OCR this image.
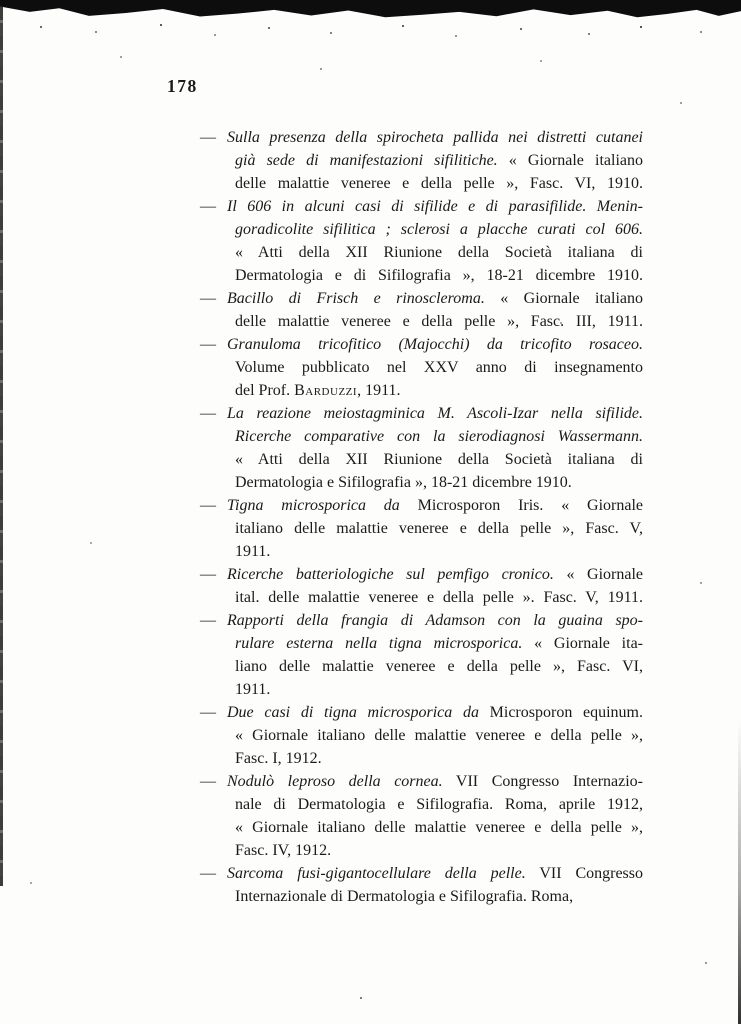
178
— Sulla presenza della spirocheta pallida nei distretti cutanei
già sede di manifestazioni sifilitiche. « Giornale italiano
delle malattie veneree e della pelle », Fasc. VI, 1910.
— Il 606 in alcuni casi di sifilide e di parasifilide. Menin-
goradicolite sifilitica ; sclerosi a placche curati col 606.
« Atti della XII Riunione della Società italiana di
Dermatologia e di Sifilografia », 18-21 dicembre 1910.
— Bacillo di Frisch e rinoscleroma. « Giornale italiano
delle malattie veneree e della pelle », Fasc. III, 1911.
— Granuloma tricofitico (Majocchi) da tricofito rosaceo.
Volume pubblicato nel XXV anno di insegnamento
del Prof. Barduzzi, 1911.
— La reazione meiostagminica M. Ascoli-Izar nella sifilide.
Ricerche comparative con la sierodiagnosi Wassermann.
« Atti della XII Riunione della Società italiana di
Dermatologia e Sifilografia », 18-21 dicembre 1910.
— Tigna microsporica da Microsporon Iris. « Giornale
italiano delle malattie veneree e della pelle », Fasc. V,
1911.
— Ricerche batteriologiche sul pemfigo cronico. « Giornale
ital. delle malattie veneree e della pelle ». Fasc. V, 1911.
— Rapporti della frangia di Adamson con la guaina spo-
rulare esterna nella tigna microsporica. « Giornale ita-
liano delle malattie veneree e della pelle », Fasc. VI,
1911.
— Due casi di tigna microsporica da Microsporon equinum.
« Giornale italiano delle malattie veneree e della pelle »,
Fasc. I, 1912.
— Nodulò leproso della cornea. VII Congresso Internazio-
nale di Dermatologia e Sifilografia. Roma, aprile 1912,
« Giornale italiano delle malattie veneree e della pelle »,
Fasc. IV, 1912.
— Sarcoma fusi-gigantocellulare della pelle. VII Congresso
Internazionale di Dermatologia e Sifilografia. Roma,
